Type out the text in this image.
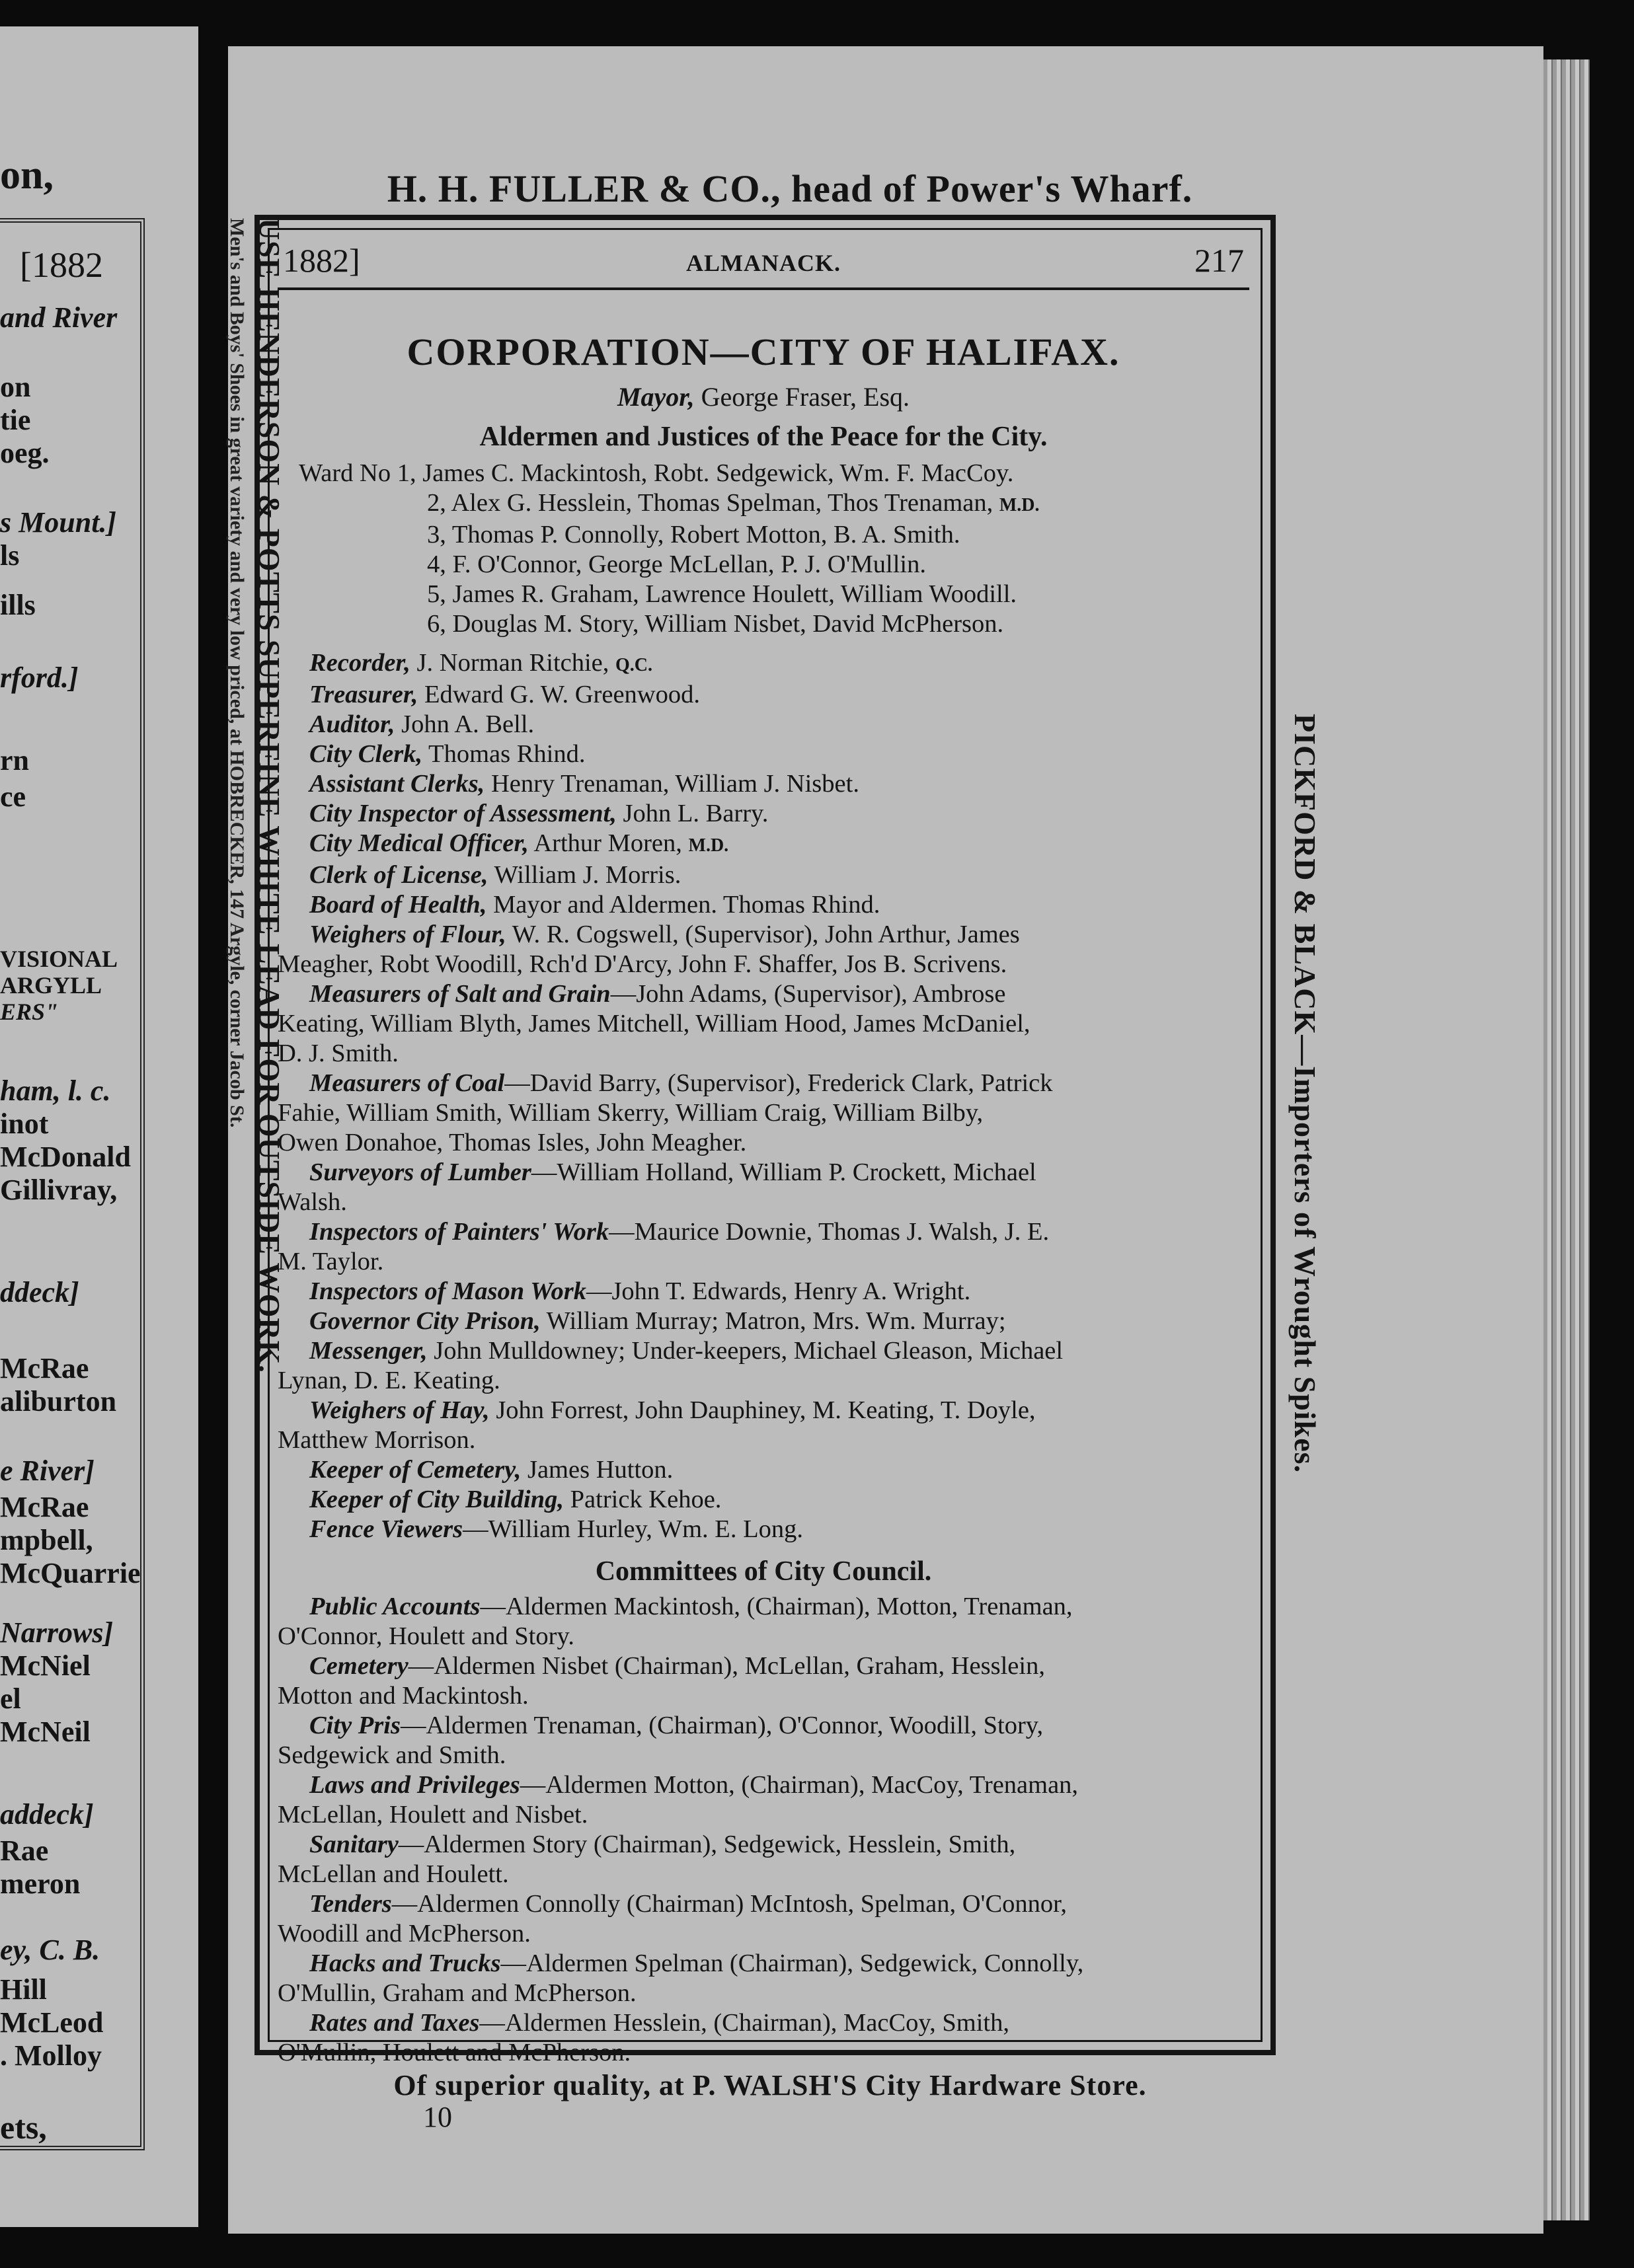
on,
[1882
and River
on
tie
oeg.
s Mount.]
ls
ills
rford.]
rn
ce
VISIONAL
ARGYLL
ERS"
ham, l. c.
inot
McDonald
Gillivray,
ddeck]
McRae
aliburton
e River]
McRae
mpbell,
McQuarrie
Narrows]
McNiel
el
McNeil
addeck]
Rae
meron
ey, C. B.
Hill
McLeod
. Molloy
ets,
H. H. FULLER & CO., head of Power's Wharf.
Men's and Boys' Shoes in great variety and very low priced, at HOBRECKER, 147 Argyle, corner Jacob St. USE HENDERSON & POTTS SUPERFINE WHITE LEAD FOR OUTSIDE WORK.	PICKFORD & BLACK—Importers of Wrought Spikes.
1882]	ALMANACK.	217
CORPORATION—CITY OF HALIFAX.
Mayor, George Fraser, Esq.
Aldermen and Justices of the Peace for the City.
Ward No 1, James C. Mackintosh, Robt. Sedgewick, Wm. F. MacCoy.
2, Alex G. Hesslein, Thomas Spelman, Thos Trenaman, M.D.
3, Thomas P. Connolly, Robert Motton, B. A. Smith.
4, F. O'Connor, George McLellan, P. J. O'Mullin.
5, James R. Graham, Lawrence Houlett, William Woodill.
6, Douglas M. Story, William Nisbet, David McPherson.
Recorder, J. Norman Ritchie, Q.C.
Treasurer, Edward G. W. Greenwood.
Auditor, John A. Bell.
City Clerk, Thomas Rhind.
Assistant Clerks, Henry Trenaman, William J. Nisbet.
City Inspector of Assessment, John L. Barry.
City Medical Officer, Arthur Moren, M.D.
Clerk of License, William J. Morris.
Board of Health, Mayor and Aldermen. Thomas Rhind.
Weighers of Flour, W. R. Cogswell, (Supervisor), John Arthur, James
Meagher, Robt Woodill, Rch'd D'Arcy, John F. Shaffer, Jos B. Scrivens.
Measurers of Salt and Grain—John Adams, (Supervisor), Ambrose
Keating, William Blyth, James Mitchell, William Hood, James McDaniel,
D. J. Smith.
Measurers of Coal—David Barry, (Supervisor), Frederick Clark, Patrick
Fahie, William Smith, William Skerry, William Craig, William Bilby,
Owen Donahoe, Thomas Isles, John Meagher.
Surveyors of Lumber—William Holland, William P. Crockett, Michael
Walsh.
Inspectors of Painters' Work—Maurice Downie, Thomas J. Walsh, J. E.
M. Taylor.
Inspectors of Mason Work—John T. Edwards, Henry A. Wright.
Governor City Prison, William Murray; Matron, Mrs. Wm. Murray;
Messenger, John Mulldowney; Under-keepers, Michael Gleason, Michael
Lynan, D. E. Keating.
Weighers of Hay, John Forrest, John Dauphiney, M. Keating, T. Doyle,
Matthew Morrison.
Keeper of Cemetery, James Hutton.
Keeper of City Building, Patrick Kehoe.
Fence Viewers—William Hurley, Wm. E. Long.
Committees of City Council.
Public Accounts—Aldermen Mackintosh, (Chairman), Motton, Trenaman,
O'Connor, Houlett and Story.
Cemetery—Aldermen Nisbet (Chairman), McLellan, Graham, Hesslein,
Motton and Mackintosh.
City Pris—Aldermen Trenaman, (Chairman), O'Connor, Woodill, Story,
Sedgewick and Smith.
Laws and Privileges—Aldermen Motton, (Chairman), MacCoy, Trenaman,
McLellan, Houlett and Nisbet.
Sanitary—Aldermen Story (Chairman), Sedgewick, Hesslein, Smith,
McLellan and Houlett.
Tenders—Aldermen Connolly (Chairman) McIntosh, Spelman, O'Connor,
Woodill and McPherson.
Hacks and Trucks—Aldermen Spelman (Chairman), Sedgewick, Connolly,
O'Mullin, Graham and McPherson.
Rates and Taxes—Aldermen Hesslein, (Chairman), MacCoy, Smith,
O'Mullin, Houlett and McPherson.
Of superior quality, at P. WALSH'S City Hardware Store.
10
